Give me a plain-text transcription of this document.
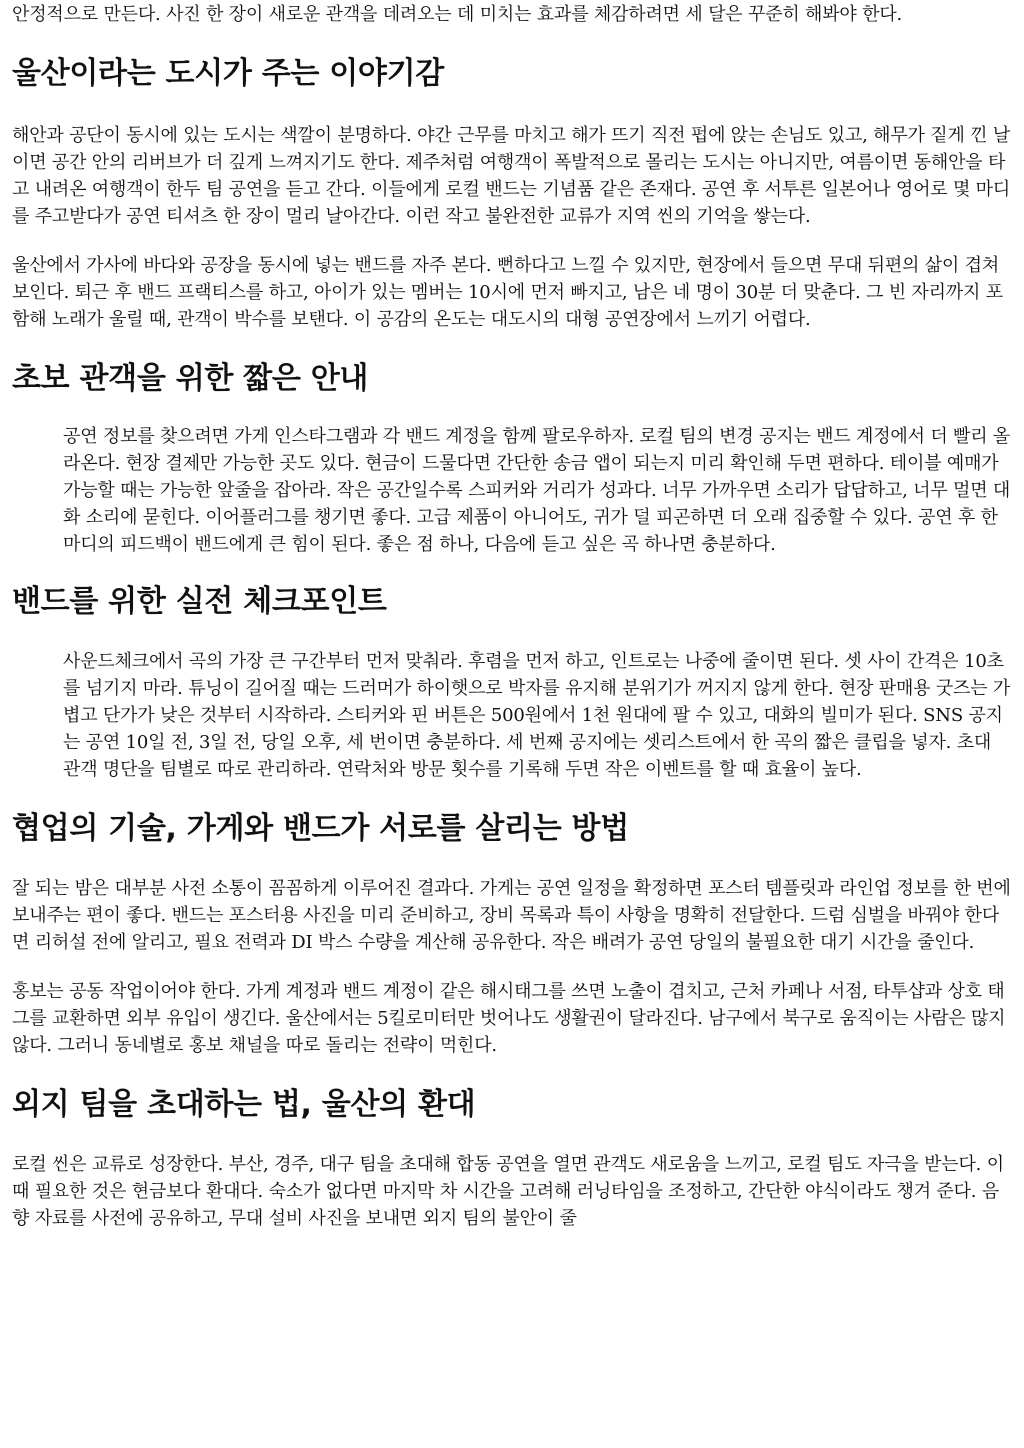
안정적으로 만든다. 사진 한 장이 새로운 관객을 데려오는 데 미치는 효과를 체감하려면 세 달은 꾸준히 해봐야 한다.

울산이라는 도시가 주는 이야기감

해안과 공단이 동시에 있는 도시는 색깔이 분명하다. 야간 근무를 마치고 해가 뜨기 직전 펍에 앉는 손님도 있고, 해무가 짙게 낀 날이면 공간 안의 리버브가 더 깊게 느껴지기도 한다. 제주처럼 여행객이 폭발적으로 몰리는 도시는 아니지만, 여름이면 동해안을 타고 내려온 여행객이 한두 팀 공연을 듣고 간다. 이들에게 로컬 밴드는 기념품 같은 존재다. 공연 후 서투른 일본어나 영어로 몇 마디를 주고받다가 공연 티셔츠 한 장이 멀리 날아간다. 이런 작고 불완전한 교류가 지역 씬의 기억을 쌓는다.

울산에서 가사에 바다와 공장을 동시에 넣는 밴드를 자주 본다. 뻔하다고 느낄 수 있지만, 현장에서 들으면 무대 뒤편의 삶이 겹쳐 보인다. 퇴근 후 밴드 프랙티스를 하고, 아이가 있는 멤버는 10시에 먼저 빠지고, 남은 네 명이 30분 더 맞춘다. 그 빈 자리까지 포함해 노래가 울릴 때, 관객이 박수를 보탠다. 이 공감의 온도는 대도시의 대형 공연장에서 느끼기 어렵다.

초보 관객을 위한 짧은 안내

공연 정보를 찾으려면 가게 인스타그램과 각 밴드 계정을 함께 팔로우하자. 로컬 팀의 변경 공지는 밴드 계정에서 더 빨리 올라온다. 현장 결제만 가능한 곳도 있다. 현금이 드물다면 간단한 송금 앱이 되는지 미리 확인해 두면 편하다. 테이블 예매가 가능할 때는 가능한 앞줄을 잡아라. 작은 공간일수록 스피커와 거리가 성과다. 너무 가까우면 소리가 답답하고, 너무 멀면 대화 소리에 묻힌다. 이어플러그를 챙기면 좋다. 고급 제품이 아니어도, 귀가 덜 피곤하면 더 오래 집중할 수 있다. 공연 후 한 마디의 피드백이 밴드에게 큰 힘이 된다. 좋은 점 하나, 다음에 듣고 싶은 곡 하나면 충분하다.

밴드를 위한 실전 체크포인트

사운드체크에서 곡의 가장 큰 구간부터 먼저 맞춰라. 후렴을 먼저 하고, 인트로는 나중에 줄이면 된다. 셋 사이 간격은 10초를 넘기지 마라. 튜닝이 길어질 때는 드러머가 하이햇으로 박자를 유지해 분위기가 꺼지지 않게 한다. 현장 판매용 굿즈는 가볍고 단가가 낮은 것부터 시작하라. 스티커와 핀 버튼은 500원에서 1천 원대에 팔 수 있고, 대화의 빌미가 된다. SNS 공지는 공연 10일 전, 3일 전, 당일 오후, 세 번이면 충분하다. 세 번째 공지에는 셋리스트에서 한 곡의 짧은 클립을 넣자. 초대 관객 명단을 팀별로 따로 관리하라. 연락처와 방문 횟수를 기록해 두면 작은 이벤트를 할 때 효율이 높다.

협업의 기술, 가게와 밴드가 서로를 살리는 방법

잘 되는 밤은 대부분 사전 소통이 꼼꼼하게 이루어진 결과다. 가게는 공연 일정을 확정하면 포스터 템플릿과 라인업 정보를 한 번에 보내주는 편이 좋다. 밴드는 포스터용 사진을 미리 준비하고, 장비 목록과 특이 사항을 명확히 전달한다. 드럼 심벌을 바꿔야 한다면 리허설 전에 알리고, 필요 전력과 DI 박스 수량을 계산해 공유한다. 작은 배려가 공연 당일의 불필요한 대기 시간을 줄인다.

홍보는 공동 작업이어야 한다. 가게 계정과 밴드 계정이 같은 해시태그를 쓰면 노출이 겹치고, 근처 카페나 서점, 타투샵과 상호 태그를 교환하면 외부 유입이 생긴다. 울산에서는 5킬로미터만 벗어나도 생활권이 달라진다. 남구에서 북구로 움직이는 사람은 많지 않다. 그러니 동네별로 홍보 채널을 따로 돌리는 전략이 먹힌다.

외지 팀을 초대하는 법, 울산의 환대

로컬 씬은 교류로 성장한다. 부산, 경주, 대구 팀을 초대해 합동 공연을 열면 관객도 새로움을 느끼고, 로컬 팀도 자극을 받는다. 이때 필요한 것은 현금보다 환대다. 숙소가 없다면 마지막 차 시간을 고려해 러닝타임을 조정하고, 간단한 야식이라도 챙겨 준다. 음향 자료를 사전에 공유하고, 무대 설비 사진을 보내면 외지 팀의 불안이 줄
